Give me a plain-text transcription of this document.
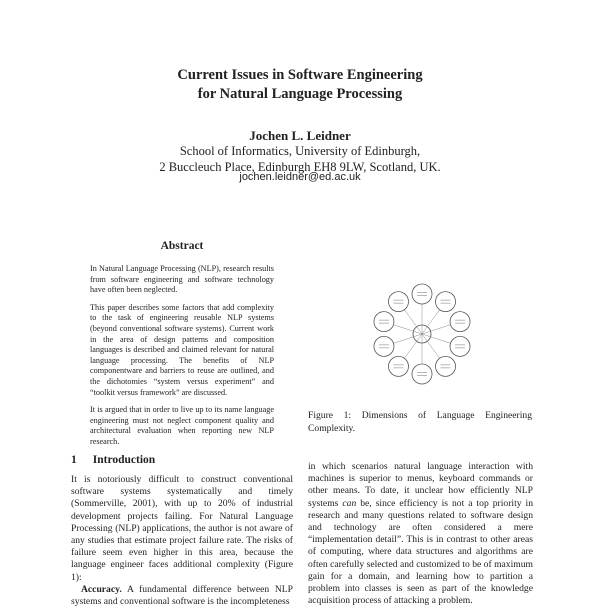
Current Issues in Software Engineering
for Natural Language Processing
Jochen L. Leidner
School of Informatics, University of Edinburgh,
2 Buccleuch Place, Edinburgh EH8 9LW, Scotland, UK.
jochen.leidner@ed.ac.uk
Abstract

In Natural Language Processing (NLP), research results from software engineering and software technology have often been neglected.

This paper describes some factors that add complexity to the task of engineering reusable NLP systems (beyond conventional software systems). Current work in the area of design patterns and composition languages is described and claimed relevant for natural language processing. The benefits of NLP componentware and barriers to reuse are outlined, and the dichotomies “system versus experiment” and “toolkit versus framework” are discussed.

It is argued that in order to live up to its name language engineering must not neglect component quality and architectural evaluation when reporting new NLP research.

1 Introduction

It is notoriously difficult to construct conventional software systems systematically and timely (Sommerville, 2001), with up to 20% of industrial development projects failing. For Natural Language Processing (NLP) applications, the author is not aware of any studies that estimate project failure rate. The risks of failure seem even higher in this area, because the language engineer faces additional complexity (Figure 1):

Accuracy. A fundamental difference between NLP systems and conventional software is the incompleteness

Figure 1: Dimensions of Language Engineering Complexity.
in which scenarios natural language interaction with machines is superior to menus, keyboard commands or other means. To date, it unclear how efficiently NLP systems can be, since efficiency is not a top priority in research and many questions related to software design and technology are often considered a mere “implementation detail”. This is in contrast to other areas of computing, where data structures and algorithms are often carefully selected and customized to be of maximum gain for a domain, and learning how to partition a problem into classes is seen as part of the knowledge acquisition process of attacking a problem.
